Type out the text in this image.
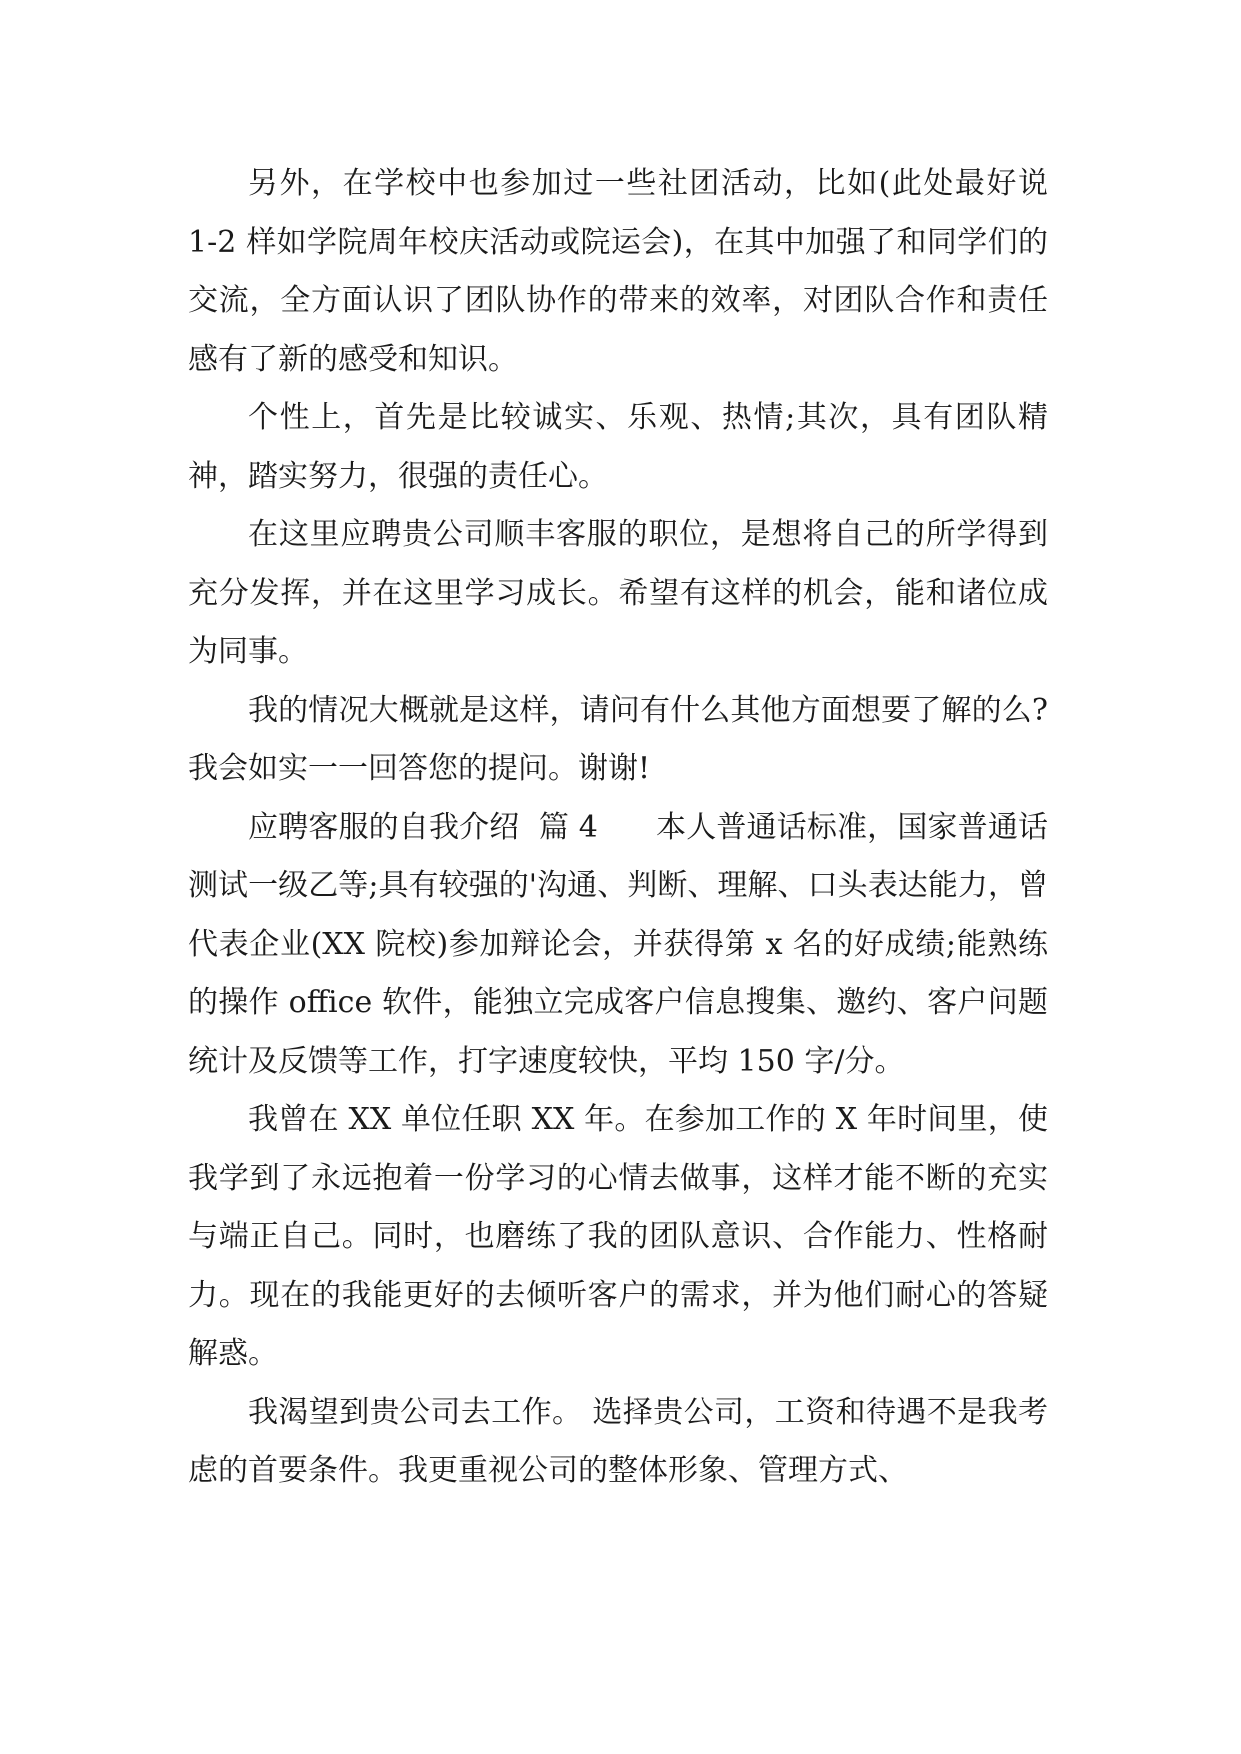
另外，在学校中也参加过一些社团活动，比如(此处最好说 1-2 样如学院周年校庆活动或院运会)，在其中加强了和同学们的交流，全方面认识了团队协作的带来的效率，对团队合作和责任感有了新的感受和知识。

个性上，首先是比较诚实、乐观、热情;其次，具有团队精神，踏实努力，很强的责任心。

在这里应聘贵公司顺丰客服的职位，是想将自己的所学得到充分发挥，并在这里学习成长。希望有这样的机会，能和诸位成为同事。

我的情况大概就是这样，请问有什么其他方面想要了解的么?我会如实一一回答您的提问。谢谢!

应聘客服的自我介绍  篇 4      本人普通话标准，国家普通话测试一级乙等;具有较强的'沟通、判断、理解、口头表达能力，曾代表企业(XX 院校)参加辩论会，并获得第 x 名的好成绩;能熟练的操作 office 软件，能独立完成客户信息搜集、邀约、客户问题统计及反馈等工作，打字速度较快，平均 150 字/分。

我曾在 XX 单位任职 XX 年。在参加工作的 X 年时间里，使我学到了永远抱着一份学习的心情去做事，这样才能不断的充实与端正自己。同时，也磨练了我的团队意识、合作能力、性格耐力。现在的我能更好的去倾听客户的需求，并为他们耐心的答疑解惑。

我渴望到贵公司去工作。 选择贵公司，工资和待遇不是我考虑的首要条件。我更重视公司的整体形象、管理方式、
